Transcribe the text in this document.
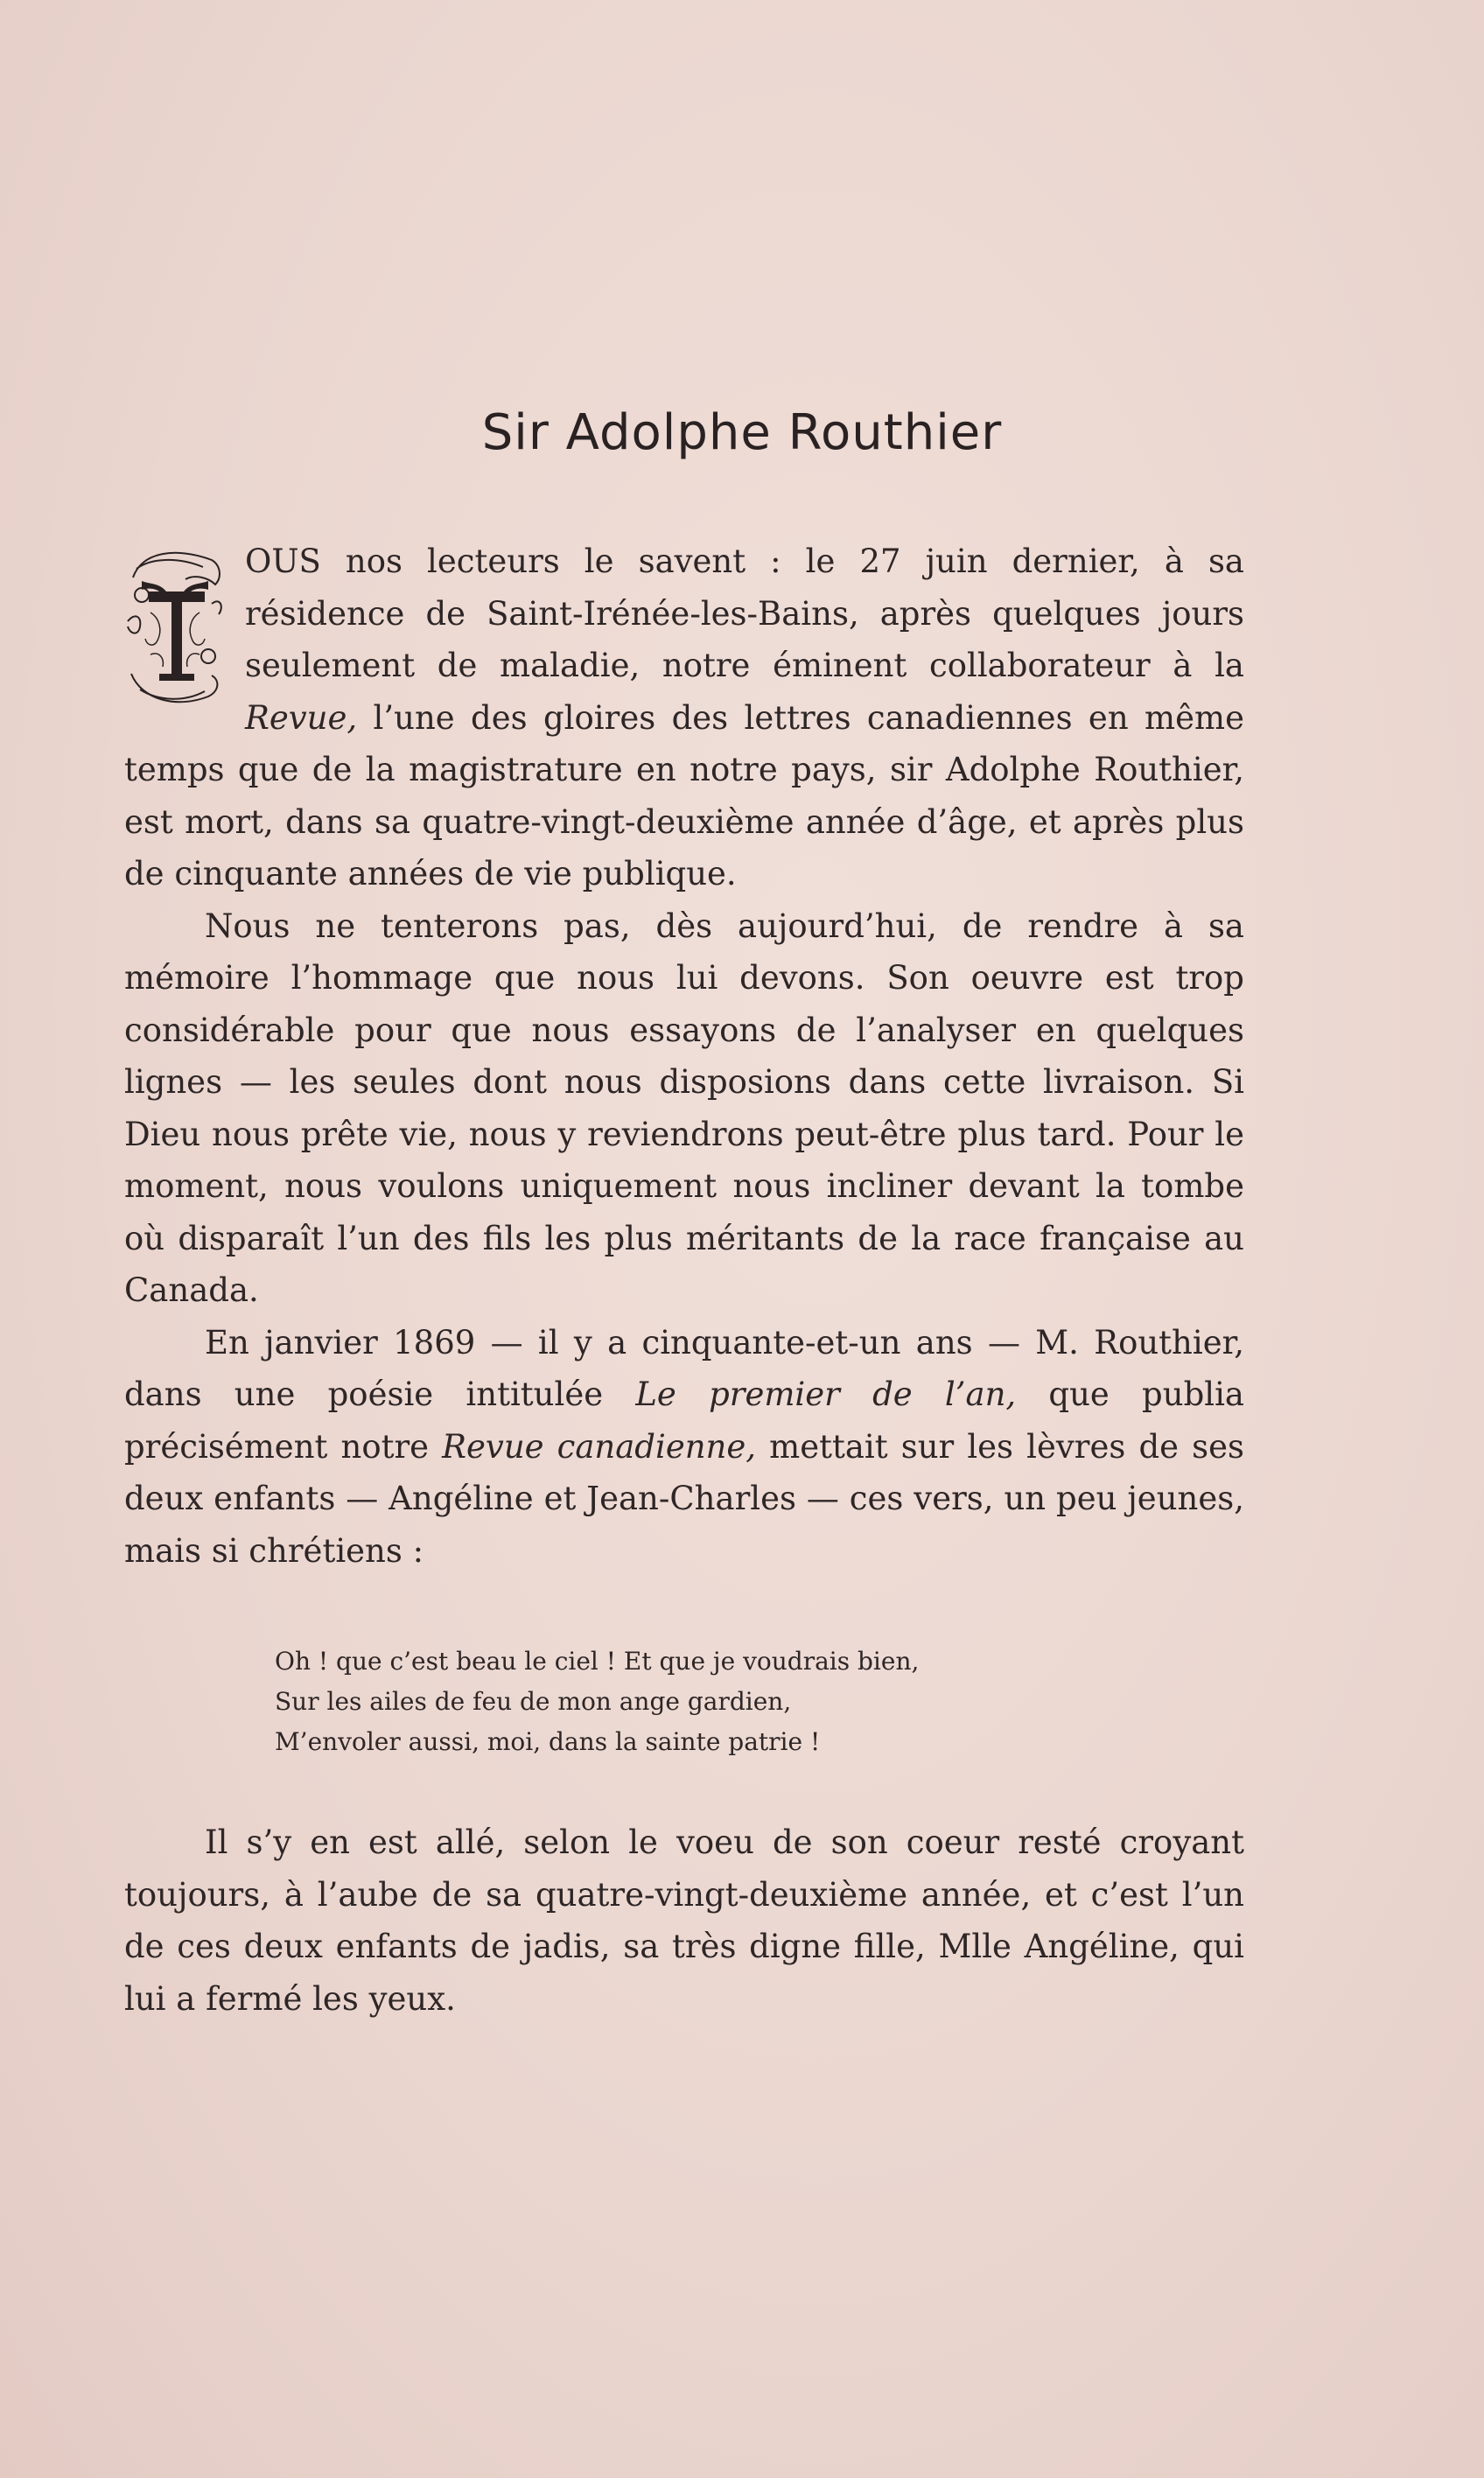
Sir Adolphe Routhier

OUS nos lecteurs le savent : le 27 juin dernier, à sa résidence de Saint-Irénée-les-Bains, après quelques jours seulement de maladie, notre éminent collaborateur à la Revue, l’une des gloires des lettres canadiennes en même temps que de la magistrature en notre pays, sir Adolphe Routhier, est mort, dans sa quatre-vingt-deuxième année d’âge, et après plus de cinquante années de vie publique.

Nous ne tenterons pas, dès aujourd’hui, de rendre à sa mémoire l’hommage que nous lui devons. Son oeuvre est trop considérable pour que nous essayons de l’analyser en quelques lignes — les seules dont nous disposions dans cette livraison. Si Dieu nous prête vie, nous y reviendrons peut-être plus tard. Pour le moment, nous voulons uniquement nous incliner devant la tombe où disparaît l’un des fils les plus méritants de la race française au Canada.

En janvier 1869 — il y a cinquante-et-un ans — M. Routhier, dans une poésie intitulée Le premier de l’an, que publia précisément notre Revue canadienne, mettait sur les lèvres de ses deux enfants — Angéline et Jean-Charles — ces vers, un peu jeunes, mais si chrétiens :

Oh ! que c’est beau le ciel ! Et que je voudrais bien,
Sur les ailes de feu de mon ange gardien,
M’envoler aussi, moi, dans la sainte patrie !

Il s’y en est allé, selon le voeu de son coeur resté croyant toujours, à l’aube de sa quatre-vingt-deuxième année, et c’est l’un de ces deux enfants de jadis, sa très digne fille, Mlle Angéline, qui lui a fermé les yeux.
